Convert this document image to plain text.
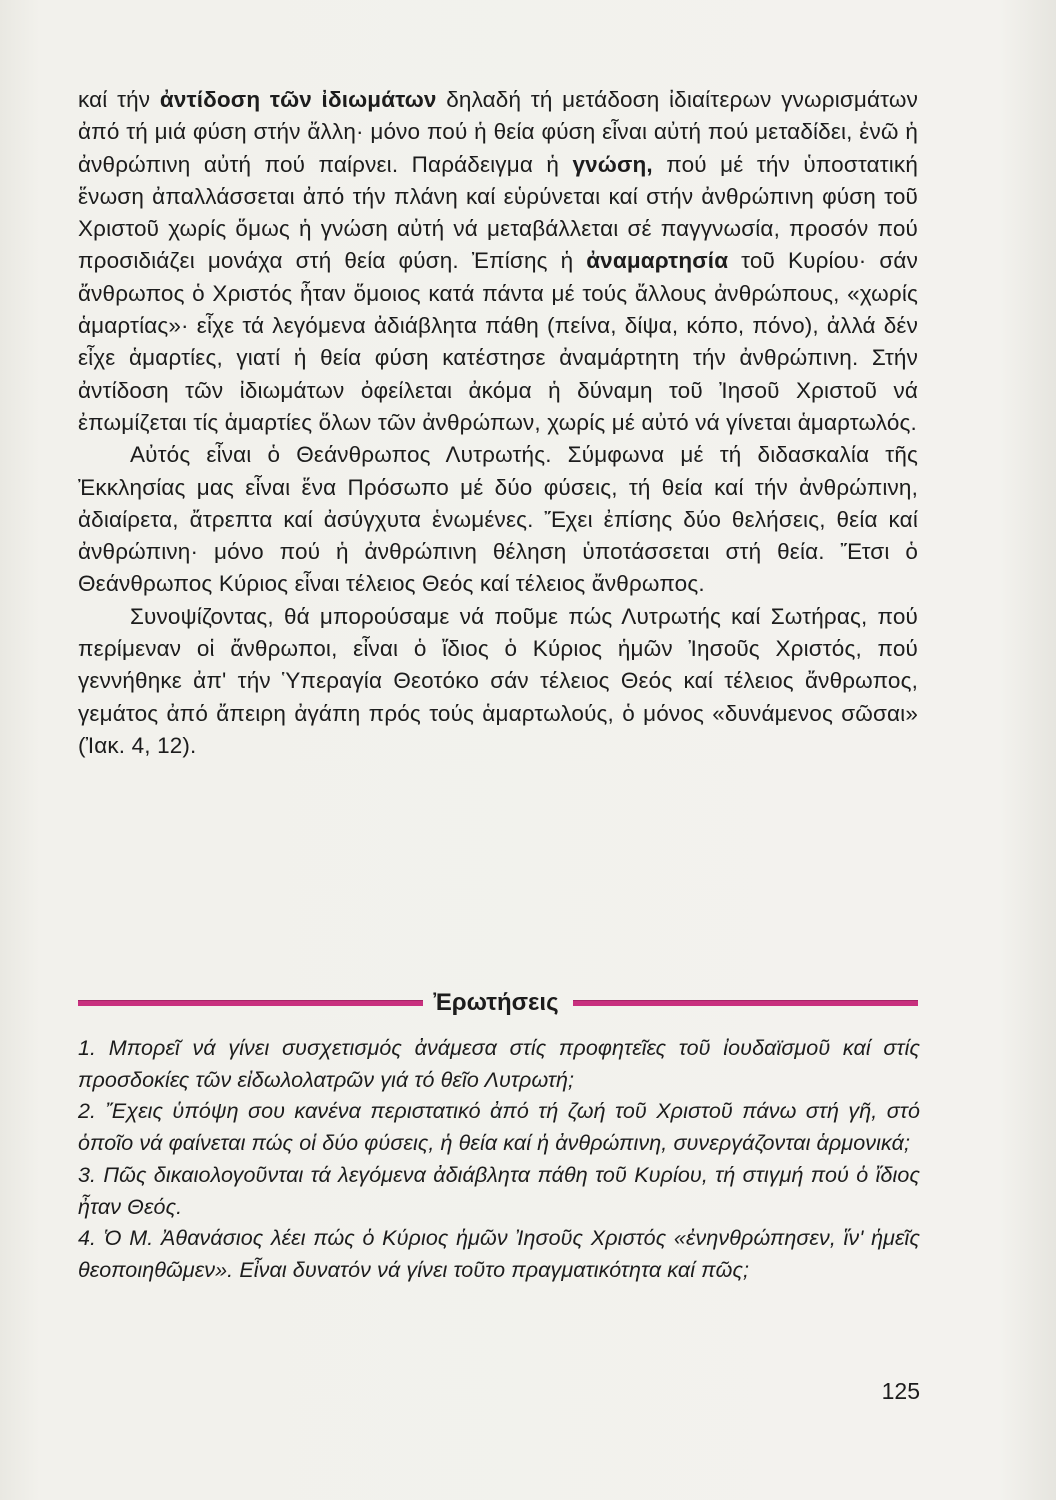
καί τήν ἀντίδοση τῶν ἰδιωμάτων δηλαδή τή μετάδοση ἰδιαίτερων γνωρισμάτων ἀπό τή μιά φύση στήν ἄλλη· μόνο πού ἡ θεία φύση εἶναι αὐτή πού μεταδίδει, ἐνῶ ἡ ἀνθρώπινη αὐτή πού παίρνει. Παράδειγμα ἡ γνώση, πού μέ τήν ὑποστατική ἕνωση ἀπαλλάσσεται ἀπό τήν πλάνη καί εὑρύνεται καί στήν ἀνθρώπινη φύση τοῦ Χριστοῦ χωρίς ὅμως ἡ γνώση αὐτή νά μεταβάλλεται σέ παγγνωσία, προσόν πού προσιδιάζει μονάχα στή θεία φύση. Ἐπίσης ἡ ἀναμαρτησία τοῦ Κυρίου· σάν ἄνθρωπος ὁ Χριστός ἦταν ὅμοιος κατά πάντα μέ τούς ἄλλους ἀνθρώπους, «χωρίς ἁμαρτίας»· εἶχε τά λεγόμενα ἀδιάβλητα πάθη (πείνα, δίψα, κόπο, πόνο), ἀλλά δέν εἶχε ἁμαρτίες, γιατί ἡ θεία φύση κατέστησε ἀναμάρτητη τήν ἀνθρώπινη. Στήν ἀντίδοση τῶν ἰδιωμάτων ὀφείλεται ἀκόμα ἡ δύναμη τοῦ Ἰησοῦ Χριστοῦ νά ἐπωμίζεται τίς ἁμαρτίες ὅλων τῶν ἀνθρώπων, χωρίς μέ αὐτό νά γίνεται ἁμαρτωλός.

Αὐτός εἶναι ὁ Θεάνθρωπος Λυτρωτής. Σύμφωνα μέ τή διδασκαλία τῆς Ἐκκλησίας μας εἶναι ἕνα Πρόσωπο μέ δύο φύσεις, τή θεία καί τήν ἀνθρώπινη, ἀδιαίρετα, ἄτρεπτα καί ἀσύγχυτα ἑνωμένες. Ἔχει ἐπίσης δύο θελήσεις, θεία καί ἀνθρώπινη· μόνο πού ἡ ἀνθρώπινη θέληση ὑποτάσσεται στή θεία. Ἔτσι ὁ Θεάνθρωπος Κύριος εἶναι τέλειος Θεός καί τέλειος ἄνθρωπος.

Συνοψίζοντας, θά μπορούσαμε νά ποῦμε πώς Λυτρωτής καί Σωτήρας, πού περίμεναν οἱ ἄνθρωποι, εἶναι ὁ ἴδιος ὁ Κύριος ἡμῶν Ἰησοῦς Χριστός, πού γεννήθηκε ἀπ' τήν Ὑπεραγία Θεοτόκο σάν τέλειος Θεός καί τέλειος ἄνθρωπος, γεμάτος ἀπό ἄπειρη ἀγάπη πρός τούς ἁμαρτωλούς, ὁ μόνος «δυνάμενος σῶσαι» (Ἰακ. 4, 12).

Ἐρωτήσεις

1. Μπορεῖ νά γίνει συσχετισμός ἀνάμεσα στίς προφητεῖες τοῦ ἰουδαϊσμοῦ καί στίς προσδοκίες τῶν εἰδωλολατρῶν γιά τό θεῖο Λυτρωτή;

2. Ἔχεις ὑπόψη σου κανένα περιστατικό ἀπό τή ζωή τοῦ Χριστοῦ πάνω στή γῆ, στό ὁποῖο νά φαίνεται πώς οἱ δύο φύσεις, ἡ θεία καί ἡ ἀνθρώπινη, συνεργάζονται ἁρμονικά;

3. Πῶς δικαιολογοῦνται τά λεγόμενα ἀδιάβλητα πάθη τοῦ Κυρίου, τή στιγμή πού ὁ ἴδιος ἦταν Θεός.

4. Ὁ Μ. Ἀθανάσιος λέει πώς ὁ Κύριος ἡμῶν Ἰησοῦς Χριστός «ἐνηνθρώπησεν, ἵν' ἡμεῖς θεοποιηθῶμεν». Εἶναι δυνατόν νά γίνει τοῦτο πραγματικότητα καί πῶς;

125
